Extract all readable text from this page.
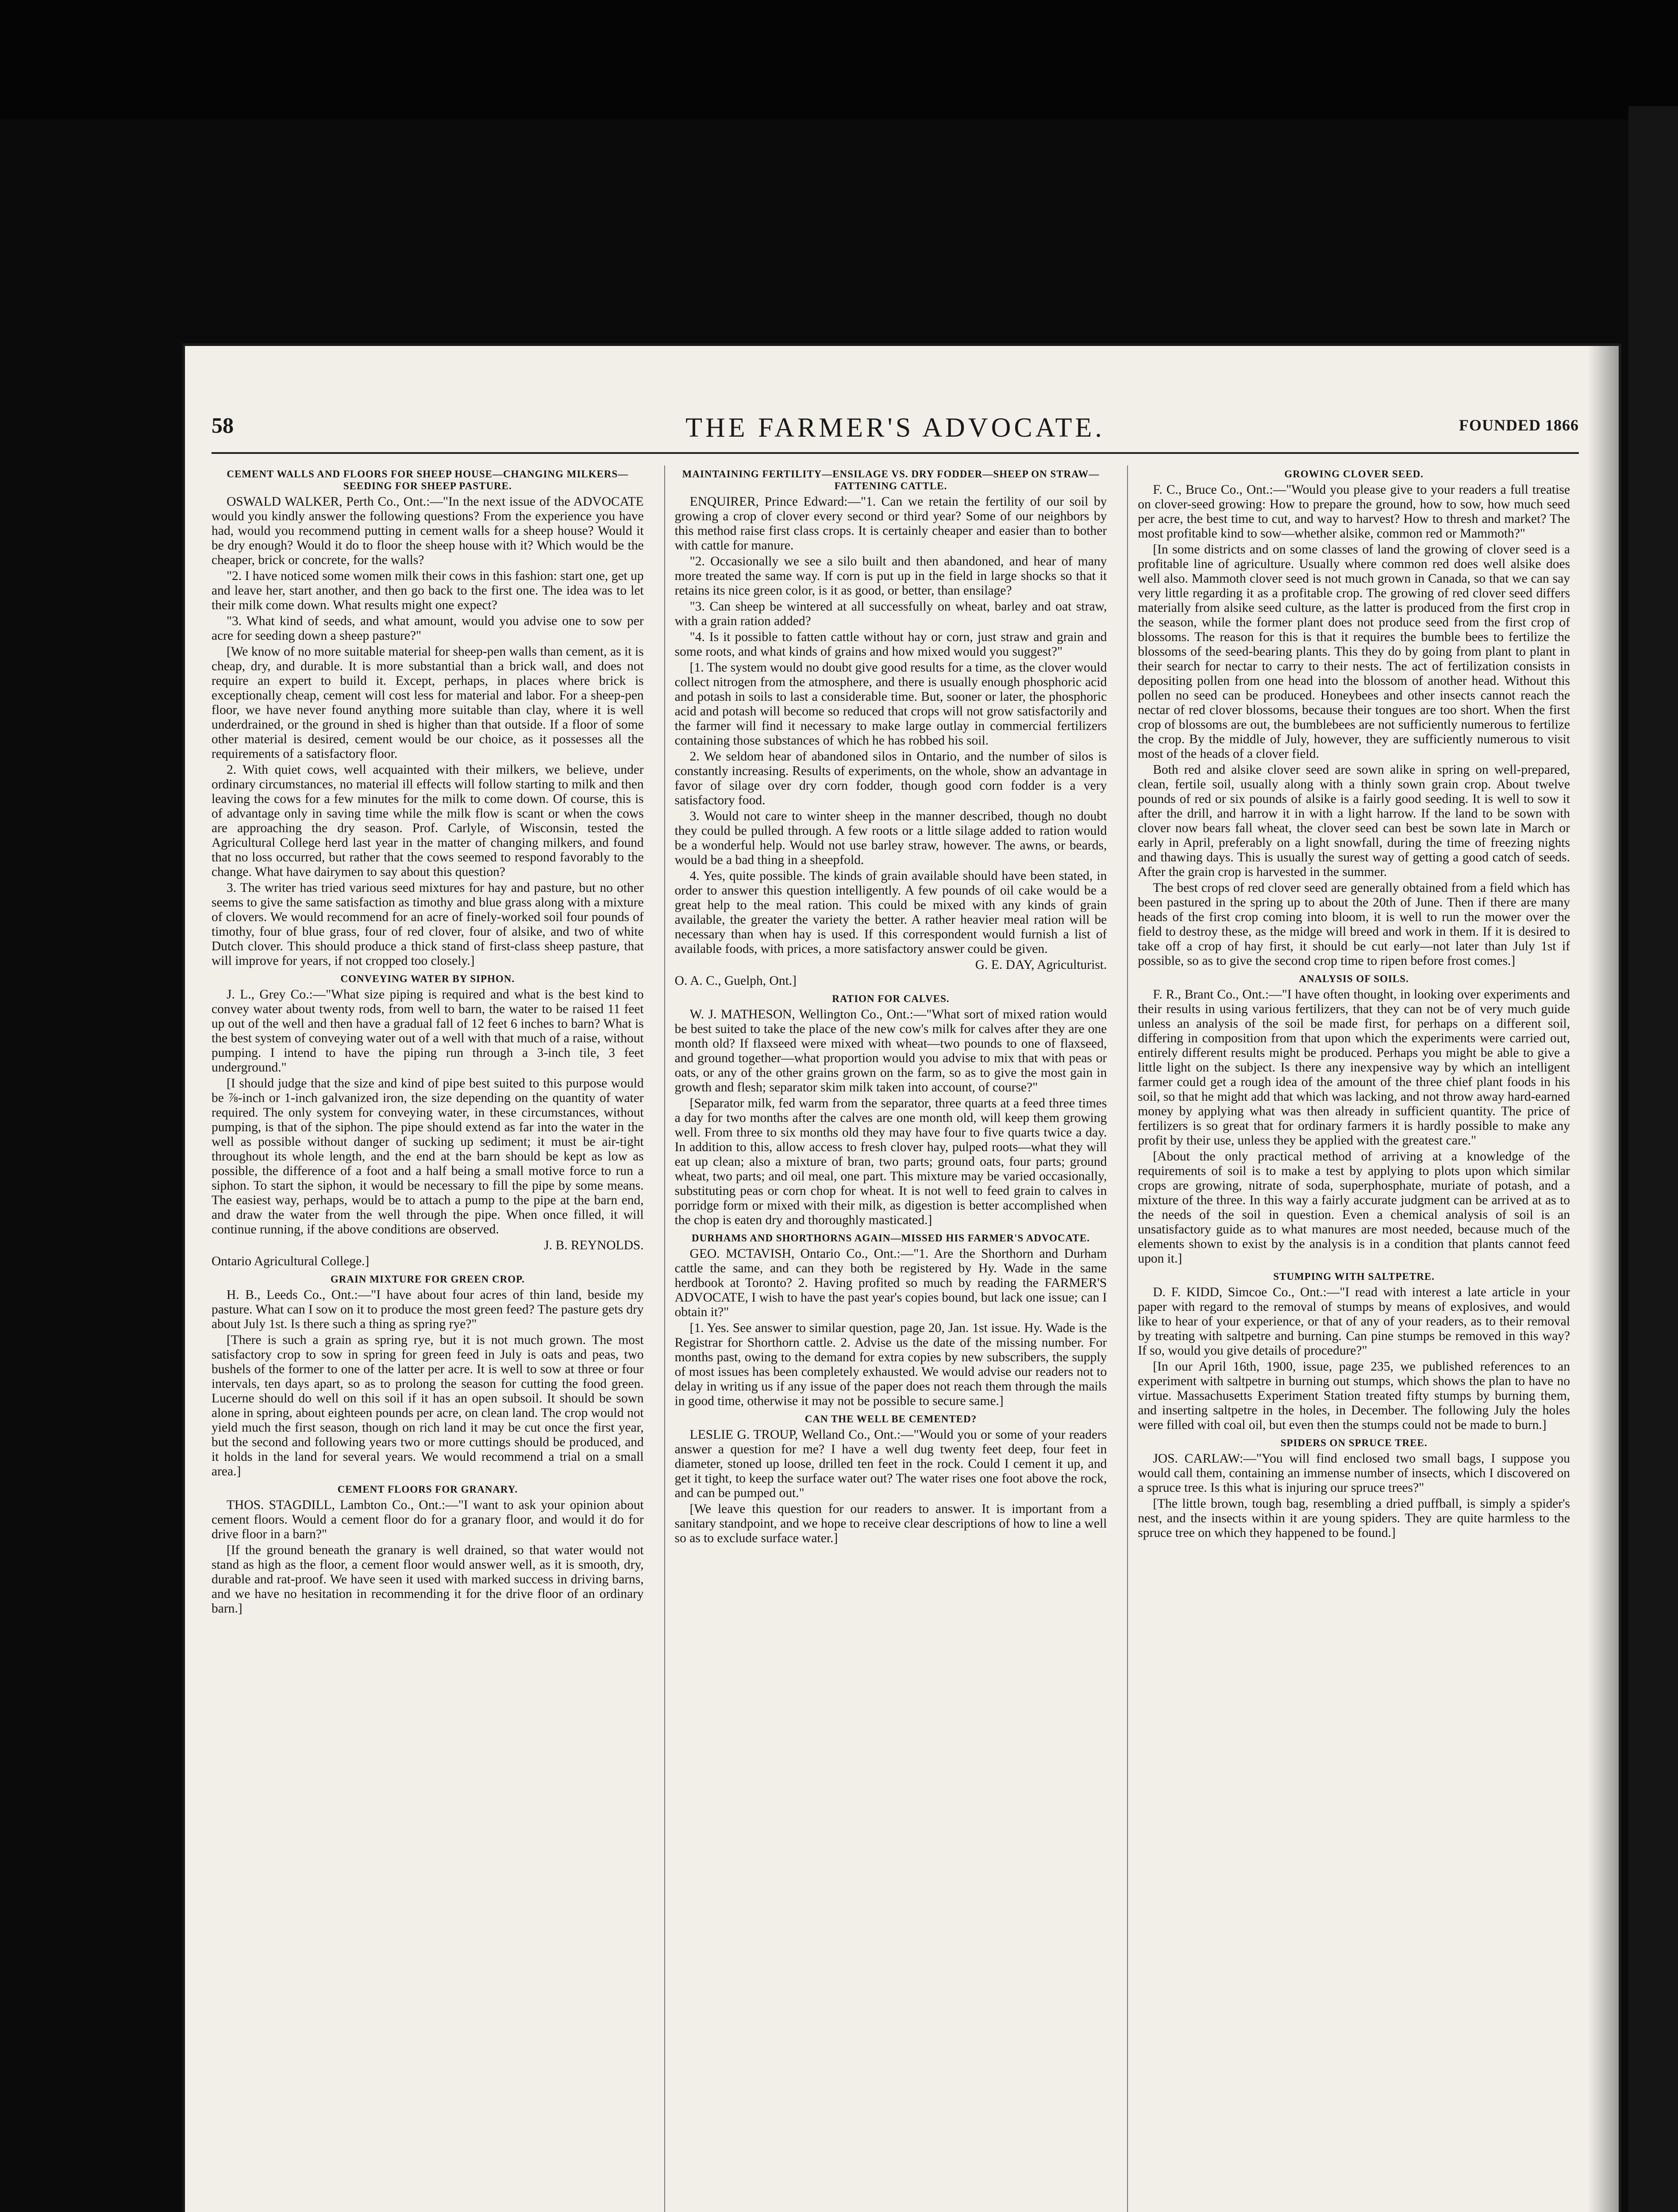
58	THE FARMER'S ADVOCATE.	FOUNDED 1866
CEMENT WALLS AND FLOORS FOR SHEEP HOUSE—CHANGING MILKERS—SEEDING FOR SHEEP PASTURE.

OSWALD WALKER, Perth Co., Ont.:—"In the next issue of the ADVOCATE would you kindly answer the following questions? From the experience you have had, would you recommend putting in cement walls for a sheep house? Would it be dry enough? Would it do to floor the sheep house with it? Which would be the cheaper, brick or concrete, for the walls?

"2. I have noticed some women milk their cows in this fashion: start one, get up and leave her, start another, and then go back to the first one. The idea was to let their milk come down. What results might one expect?

"3. What kind of seeds, and what amount, would you advise one to sow per acre for seeding down a sheep pasture?"

[We know of no more suitable material for sheep-pen walls than cement, as it is cheap, dry, and durable. It is more substantial than a brick wall, and does not require an expert to build it. Except, perhaps, in places where brick is exceptionally cheap, cement will cost less for material and labor. For a sheep-pen floor, we have never found anything more suitable than clay, where it is well underdrained, or the ground in shed is higher than that outside. If a floor of some other material is desired, cement would be our choice, as it possesses all the requirements of a satisfactory floor.

2. With quiet cows, well acquainted with their milkers, we believe, under ordinary circumstances, no material ill effects will follow starting to milk and then leaving the cows for a few minutes for the milk to come down. Of course, this is of advantage only in saving time while the milk flow is scant or when the cows are approaching the dry season. Prof. Carlyle, of Wisconsin, tested the Agricultural College herd last year in the matter of changing milkers, and found that no loss occurred, but rather that the cows seemed to respond favorably to the change. What have dairymen to say about this question?

3. The writer has tried various seed mixtures for hay and pasture, but no other seems to give the same satisfaction as timothy and blue grass along with a mixture of clovers. We would recommend for an acre of finely-worked soil four pounds of timothy, four of blue grass, four of red clover, four of alsike, and two of white Dutch clover. This should produce a thick stand of first-class sheep pasture, that will improve for years, if not cropped too closely.]

CONVEYING WATER BY SIPHON.

J. L., Grey Co.:—"What size piping is required and what is the best kind to convey water about twenty rods, from well to barn, the water to be raised 11 feet up out of the well and then have a gradual fall of 12 feet 6 inches to barn? What is the best system of conveying water out of a well with that much of a raise, without pumping. I intend to have the piping run through a 3-inch tile, 3 feet underground."

[I should judge that the size and kind of pipe best suited to this purpose would be ⅞-inch or 1-inch galvanized iron, the size depending on the quantity of water required. The only system for conveying water, in these circumstances, without pumping, is that of the siphon. The pipe should extend as far into the water in the well as possible without danger of sucking up sediment; it must be air-tight throughout its whole length, and the end at the barn should be kept as low as possible, the difference of a foot and a half being a small motive force to run a siphon. To start the siphon, it would be necessary to fill the pipe by some means. The easiest way, perhaps, would be to attach a pump to the pipe at the barn end, and draw the water from the well through the pipe. When once filled, it will continue running, if the above conditions are observed.

J. B. REYNOLDS.

Ontario Agricultural College.]

GRAIN MIXTURE FOR GREEN CROP.

H. B., Leeds Co., Ont.:—"I have about four acres of thin land, beside my pasture. What can I sow on it to produce the most green feed? The pasture gets dry about July 1st. Is there such a thing as spring rye?"

[There is such a grain as spring rye, but it is not much grown. The most satisfactory crop to sow in spring for green feed in July is oats and peas, two bushels of the former to one of the latter per acre. It is well to sow at three or four intervals, ten days apart, so as to prolong the season for cutting the food green. Lucerne should do well on this soil if it has an open subsoil. It should be sown alone in spring, about eighteen pounds per acre, on clean land. The crop would not yield much the first season, though on rich land it may be cut once the first year, but the second and following years two or more cuttings should be produced, and it holds in the land for several years. We would recommend a trial on a small area.]

CEMENT FLOORS FOR GRANARY.

THOS. STAGDILL, Lambton Co., Ont.:—"I want to ask your opinion about cement floors. Would a cement floor do for a granary floor, and would it do for drive floor in a barn?"

[If the ground beneath the granary is well drained, so that water would not stand as high as the floor, a cement floor would answer well, as it is smooth, dry, durable and rat-proof. We have seen it used with marked success in driving barns, and we have no hesitation in recommending it for the drive floor of an ordinary barn.]

MAINTAINING FERTILITY—ENSILAGE VS. DRY FODDER—SHEEP ON STRAW—FATTENING CATTLE.

ENQUIRER, Prince Edward:—"1. Can we retain the fertility of our soil by growing a crop of clover every second or third year? Some of our neighbors by this method raise first class crops. It is certainly cheaper and easier than to bother with cattle for manure.

"2. Occasionally we see a silo built and then abandoned, and hear of many more treated the same way. If corn is put up in the field in large shocks so that it retains its nice green color, is it as good, or better, than ensilage?

"3. Can sheep be wintered at all successfully on wheat, barley and oat straw, with a grain ration added?

"4. Is it possible to fatten cattle without hay or corn, just straw and grain and some roots, and what kinds of grains and how mixed would you suggest?"

[1. The system would no doubt give good results for a time, as the clover would collect nitrogen from the atmosphere, and there is usually enough phosphoric acid and potash in soils to last a considerable time. But, sooner or later, the phosphoric acid and potash will become so reduced that crops will not grow satisfactorily and the farmer will find it necessary to make large outlay in commercial fertilizers containing those substances of which he has robbed his soil.

2. We seldom hear of abandoned silos in Ontario, and the number of silos is constantly increasing. Results of experiments, on the whole, show an advantage in favor of silage over dry corn fodder, though good corn fodder is a very satisfactory food.

3. Would not care to winter sheep in the manner described, though no doubt they could be pulled through. A few roots or a little silage added to ration would be a wonderful help. Would not use barley straw, however. The awns, or beards, would be a bad thing in a sheepfold.

4. Yes, quite possible. The kinds of grain available should have been stated, in order to answer this question intelligently. A few pounds of oil cake would be a great help to the meal ration. This could be mixed with any kinds of grain available, the greater the variety the better. A rather heavier meal ration will be necessary than when hay is used. If this correspondent would furnish a list of available foods, with prices, a more satisfactory answer could be given.

G. E. DAY, Agriculturist.

O. A. C., Guelph, Ont.]

RATION FOR CALVES.

W. J. MATHESON, Wellington Co., Ont.:—"What sort of mixed ration would be best suited to take the place of the new cow's milk for calves after they are one month old? If flaxseed were mixed with wheat—two pounds to one of flaxseed, and ground together—what proportion would you advise to mix that with peas or oats, or any of the other grains grown on the farm, so as to give the most gain in growth and flesh; separator skim milk taken into account, of course?"

[Separator milk, fed warm from the separator, three quarts at a feed three times a day for two months after the calves are one month old, will keep them growing well. From three to six months old they may have four to five quarts twice a day. In addition to this, allow access to fresh clover hay, pulped roots—what they will eat up clean; also a mixture of bran, two parts; ground oats, four parts; ground wheat, two parts; and oil meal, one part. This mixture may be varied occasionally, substituting peas or corn chop for wheat. It is not well to feed grain to calves in porridge form or mixed with their milk, as digestion is better accomplished when the chop is eaten dry and thoroughly masticated.]

DURHAMS AND SHORTHORNS AGAIN—MISSED HIS FARMER'S ADVOCATE.

GEO. MCTAVISH, Ontario Co., Ont.:—"1. Are the Shorthorn and Durham cattle the same, and can they both be registered by Hy. Wade in the same herdbook at Toronto? 2. Having profited so much by reading the FARMER'S ADVOCATE, I wish to have the past year's copies bound, but lack one issue; can I obtain it?"

[1. Yes. See answer to similar question, page 20, Jan. 1st issue. Hy. Wade is the Registrar for Shorthorn cattle. 2. Advise us the date of the missing number. For months past, owing to the demand for extra copies by new subscribers, the supply of most issues has been completely exhausted. We would advise our readers not to delay in writing us if any issue of the paper does not reach them through the mails in good time, otherwise it may not be possible to secure same.]

CAN THE WELL BE CEMENTED?

LESLIE G. TROUP, Welland Co., Ont.:—"Would you or some of your readers answer a question for me? I have a well dug twenty feet deep, four feet in diameter, stoned up loose, drilled ten feet in the rock. Could I cement it up, and get it tight, to keep the surface water out? The water rises one foot above the rock, and can be pumped out."

[We leave this question for our readers to answer. It is important from a sanitary standpoint, and we hope to receive clear descriptions of how to line a well so as to exclude surface water.]

GROWING CLOVER SEED.

F. C., Bruce Co., Ont.:—"Would you please give to your readers a full treatise on clover-seed growing: How to prepare the ground, how to sow, how much seed per acre, the best time to cut, and way to harvest? How to thresh and market? The most profitable kind to sow—whether alsike, common red or Mammoth?"

[In some districts and on some classes of land the growing of clover seed is a profitable line of agriculture. Usually where common red does well alsike does well also. Mammoth clover seed is not much grown in Canada, so that we can say very little regarding it as a profitable crop. The growing of red clover seed differs materially from alsike seed culture, as the latter is produced from the first crop in the season, while the former plant does not produce seed from the first crop of blossoms. The reason for this is that it requires the bumble bees to fertilize the blossoms of the seed-bearing plants. This they do by going from plant to plant in their search for nectar to carry to their nests. The act of fertilization consists in depositing pollen from one head into the blossom of another head. Without this pollen no seed can be produced. Honeybees and other insects cannot reach the nectar of red clover blossoms, because their tongues are too short. When the first crop of blossoms are out, the bumblebees are not sufficiently numerous to fertilize the crop. By the middle of July, however, they are sufficiently numerous to visit most of the heads of a clover field.

Both red and alsike clover seed are sown alike in spring on well-prepared, clean, fertile soil, usually along with a thinly sown grain crop. About twelve pounds of red or six pounds of alsike is a fairly good seeding. It is well to sow it after the drill, and harrow it in with a light harrow. If the land to be sown with clover now bears fall wheat, the clover seed can best be sown late in March or early in April, preferably on a light snowfall, during the time of freezing nights and thawing days. This is usually the surest way of getting a good catch of seeds. After the grain crop is harvested in the summer.

The best crops of red clover seed are generally obtained from a field which has been pastured in the spring up to about the 20th of June. Then if there are many heads of the first crop coming into bloom, it is well to run the mower over the field to destroy these, as the midge will breed and work in them. If it is desired to take off a crop of hay first, it should be cut early—not later than July 1st if possible, so as to give the second crop time to ripen before frost comes.]

ANALYSIS OF SOILS.

F. R., Brant Co., Ont.:—"I have often thought, in looking over experiments and their results in using various fertilizers, that they can not be of very much guide unless an analysis of the soil be made first, for perhaps on a different soil, differing in composition from that upon which the experiments were carried out, entirely different results might be produced. Perhaps you might be able to give a little light on the subject. Is there any inexpensive way by which an intelligent farmer could get a rough idea of the amount of the three chief plant foods in his soil, so that he might add that which was lacking, and not throw away hard-earned money by applying what was then already in sufficient quantity. The price of fertilizers is so great that for ordinary farmers it is hardly possible to make any profit by their use, unless they be applied with the greatest care."

[About the only practical method of arriving at a knowledge of the requirements of soil is to make a test by applying to plots upon which similar crops are growing, nitrate of soda, superphosphate, muriate of potash, and a mixture of the three. In this way a fairly accurate judgment can be arrived at as to the needs of the soil in question. Even a chemical analysis of soil is an unsatisfactory guide as to what manures are most needed, because much of the elements shown to exist by the analysis is in a condition that plants cannot feed upon it.]

STUMPING WITH SALTPETRE.

D. F. KIDD, Simcoe Co., Ont.:—"I read with interest a late article in your paper with regard to the removal of stumps by means of explosives, and would like to hear of your experience, or that of any of your readers, as to their removal by treating with saltpetre and burning. Can pine stumps be removed in this way? If so, would you give details of procedure?"

[In our April 16th, 1900, issue, page 235, we published references to an experiment with saltpetre in burning out stumps, which shows the plan to have no virtue. Massachusetts Experiment Station treated fifty stumps by burning them, and inserting saltpetre in the holes, in December. The following July the holes were filled with coal oil, but even then the stumps could not be made to burn.]

SPIDERS ON SPRUCE TREE.

JOS. CARLAW:—"You will find enclosed two small bags, I suppose you would call them, containing an immense number of insects, which I discovered on a spruce tree. Is this what is injuring our spruce trees?"

[The little brown, tough bag, resembling a dried puffball, is simply a spider's nest, and the insects within it are young spiders. They are quite harmless to the spruce tree on which they happened to be found.]
